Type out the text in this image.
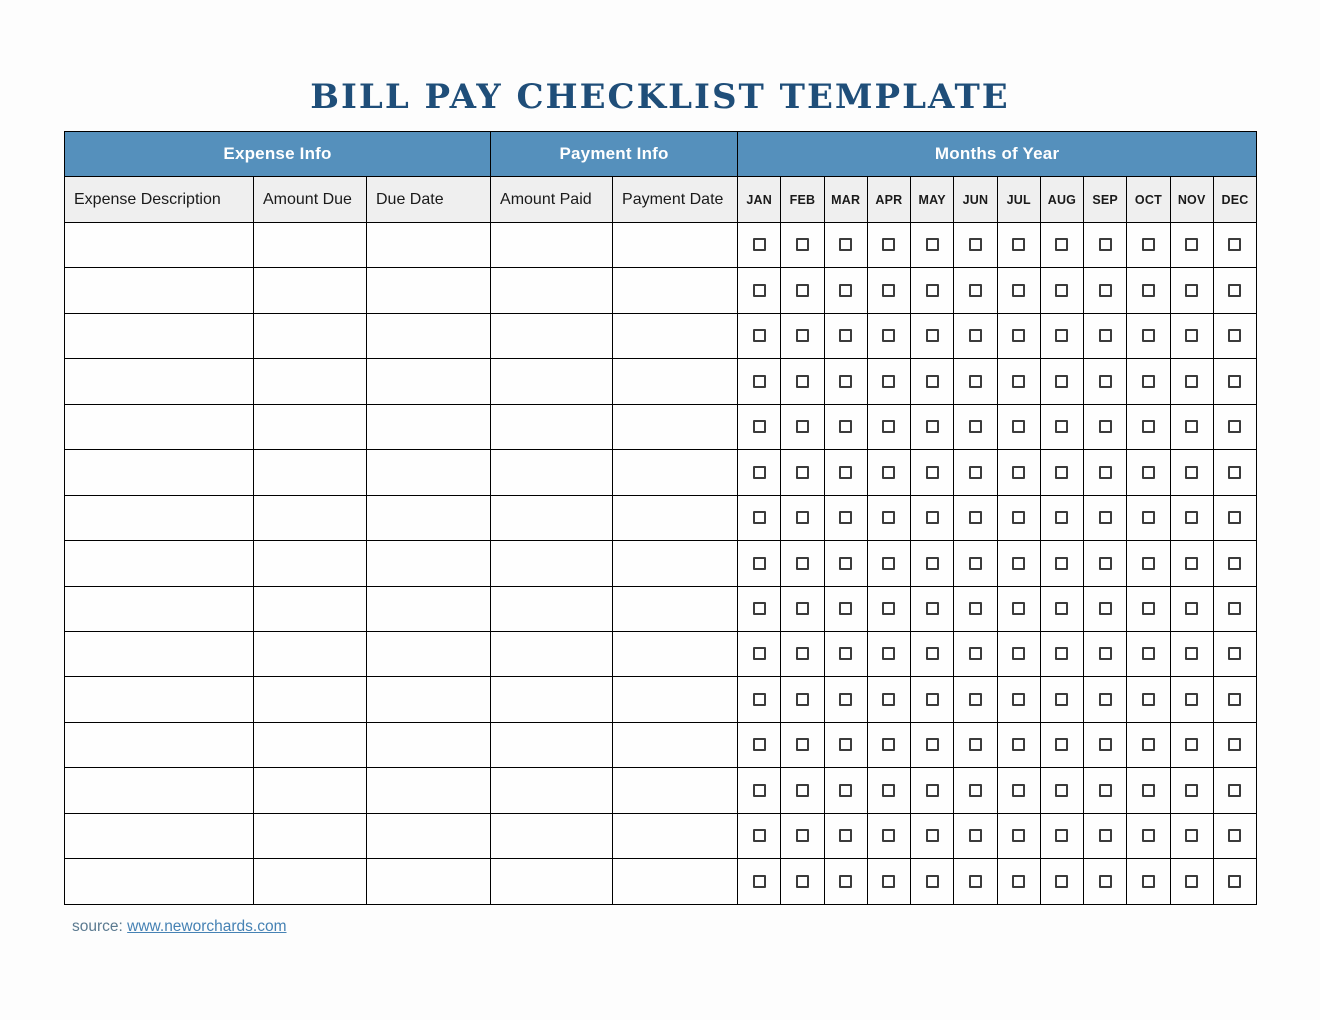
BILL PAY CHECKLIST TEMPLATE
Expense Info			Payment Info		Months of Year											
Expense Description	Amount Due	Due Date	Amount Paid	Payment Date	JAN	FEB	MAR	APR	MAY	JUN	JUL	AUG	SEP	OCT	NOV	DEC

source: www.neworchards.com
